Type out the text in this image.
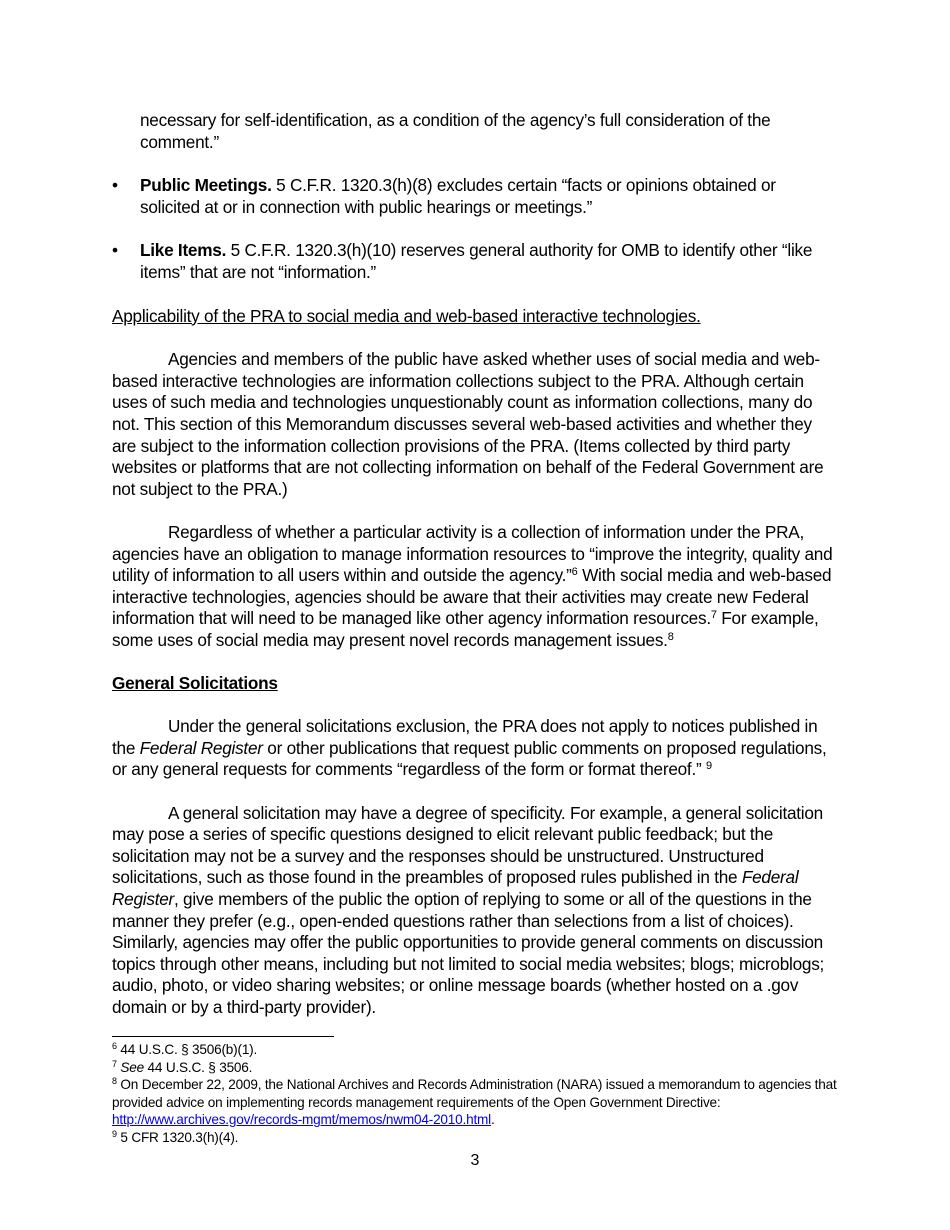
necessary for self-identification, as a condition of the agency’s full consideration of the comment.”

• Public Meetings. 5 C.F.R. 1320.3(h)(8) excludes certain “facts or opinions obtained or solicited at or in connection with public hearings or meetings.”
• Like Items. 5 C.F.R. 1320.3(h)(10) reserves general authority for OMB to identify other “like items” that are not “information.”

Applicability of the PRA to social media and web-based interactive technologies.

Agencies and members of the public have asked whether uses of social media and web-based interactive technologies are information collections subject to the PRA. Although certain uses of such media and technologies unquestionably count as information collections, many do not. This section of this Memorandum discusses several web-based activities and whether they are subject to the information collection provisions of the PRA. (Items collected by third party websites or platforms that are not collecting information on behalf of the Federal Government are not subject to the PRA.)

Regardless of whether a particular activity is a collection of information under the PRA, agencies have an obligation to manage information resources to “improve the integrity, quality and utility of information to all users within and outside the agency.”$^6$ With social media and web-based interactive technologies, agencies should be aware that their activities may create new Federal information that will need to be managed like other agency information resources.$^7$ For example, some uses of social media may present novel records management issues.$^8$

General Solicitations

Under the general solicitations exclusion, the PRA does not apply to notices published in the Federal Register or other publications that request public comments on proposed regulations, or any general requests for comments “regardless of the form or format thereof.” $^9$

A general solicitation may have a degree of specificity. For example, a general solicitation may pose a series of specific questions designed to elicit relevant public feedback; but the solicitation may not be a survey and the responses should be unstructured. Unstructured solicitations, such as those found in the preambles of proposed rules published in the Federal Register, give members of the public the option of replying to some or all of the questions in the manner they prefer (e.g., open-ended questions rather than selections from a list of choices). Similarly, agencies may offer the public opportunities to provide general comments on discussion topics through other means, including but not limited to social media websites; blogs; microblogs; audio, photo, or video sharing websites; or online message boards (whether hosted on a .gov domain or by a third-party provider).

$^6$ 44 U.S.C. § 3506(b)(1).
$^7$ See 44 U.S.C. § 3506.
$^8$ On December 22, 2009, the National Archives and Records Administration (NARA) issued a memorandum to agencies that provided advice on implementing records management requirements of the Open Government Directive: http://www.archives.gov/records-mgmt/memos/nwm04-2010.html.
$^9$ 5 CFR 1320.3(h)(4).
3
